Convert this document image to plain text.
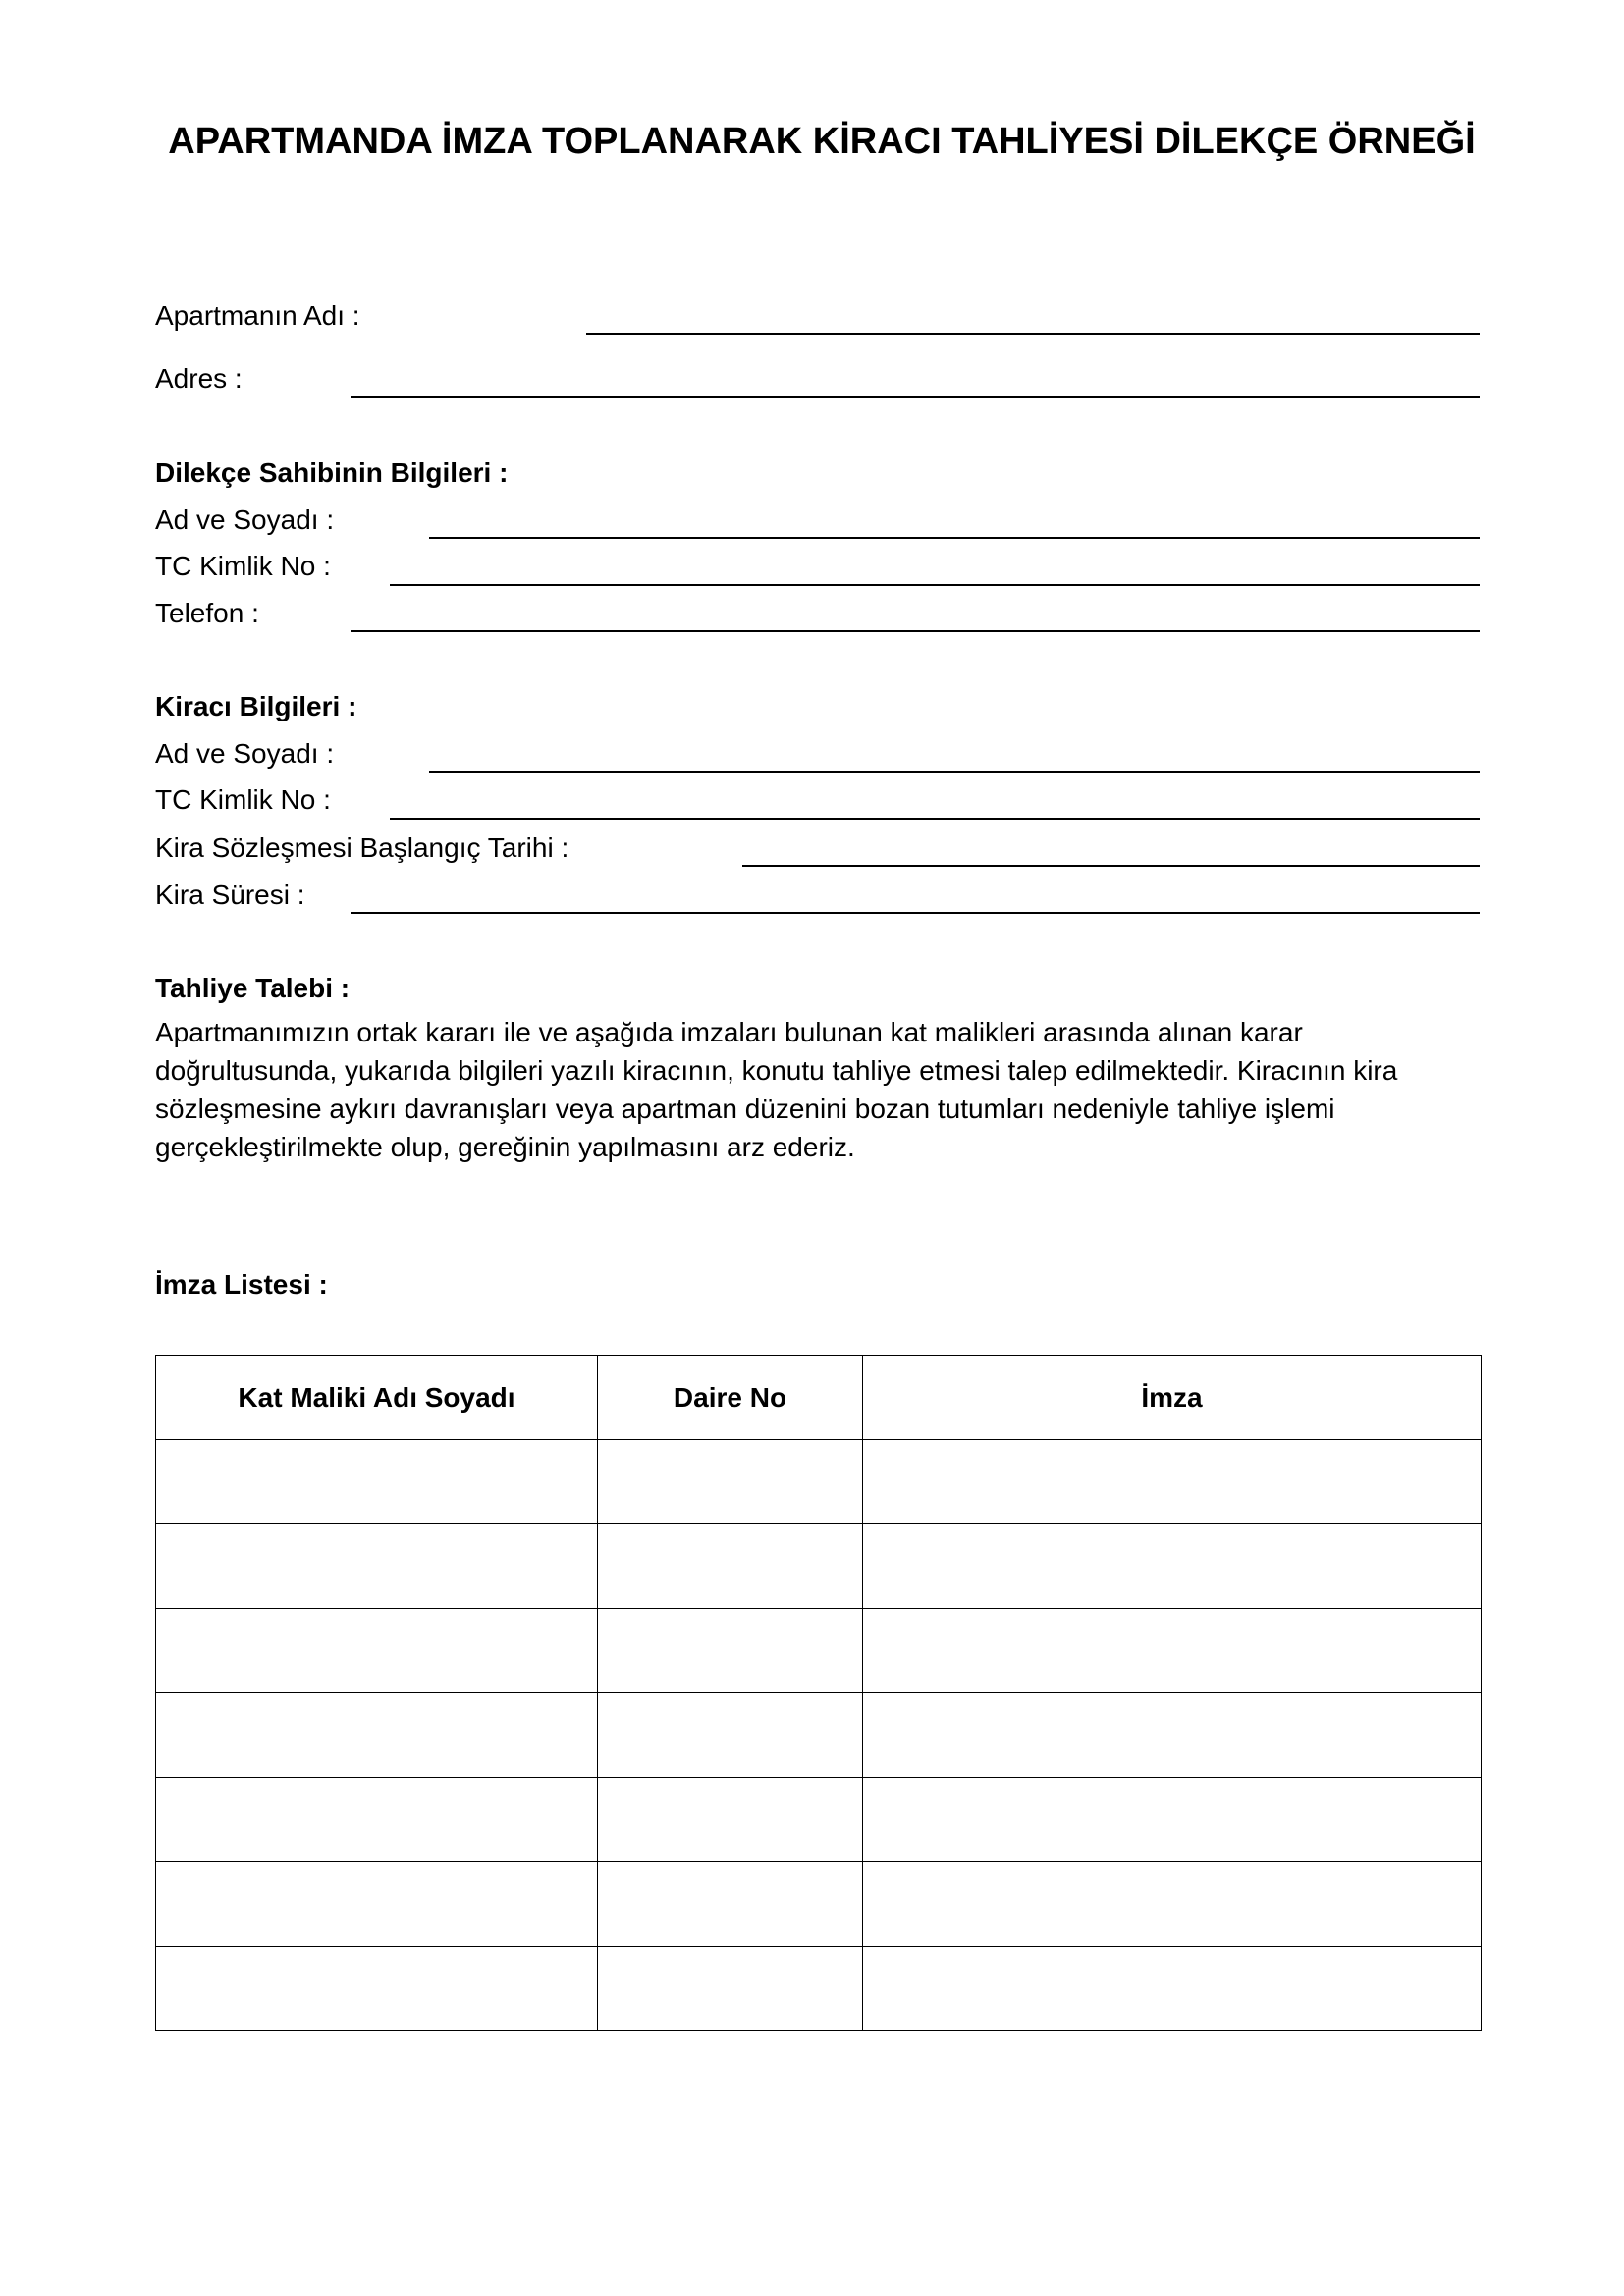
APARTMANDA İMZA TOPLANARAK KİRACI TAHLİYESİ DİLEKÇE ÖRNEĞİ
Apartmanın Adı :
Adres :
Dilekçe Sahibinin Bilgileri :
Ad ve Soyadı :
TC Kimlik No :
Telefon :
Kiracı Bilgileri :
Ad ve Soyadı :
TC Kimlik No :
Kira Sözleşmesi Başlangıç Tarihi :
Kira Süresi :
Tahliye Talebi :
Apartmanımızın ortak kararı ile ve aşağıda imzaları bulunan kat malikleri arasında alınan karar doğrultusunda, yukarıda bilgileri yazılı kiracının, konutu tahliye etmesi talep edilmektedir. Kiracının kira sözleşmesine aykırı davranışları veya apartman düzenini bozan tutumları nedeniyle tahliye işlemi gerçekleştirilmekte olup, gereğinin yapılmasını arz ederiz.
İmza Listesi :
Kat Maliki Adı Soyadı	Daire No	İmza
